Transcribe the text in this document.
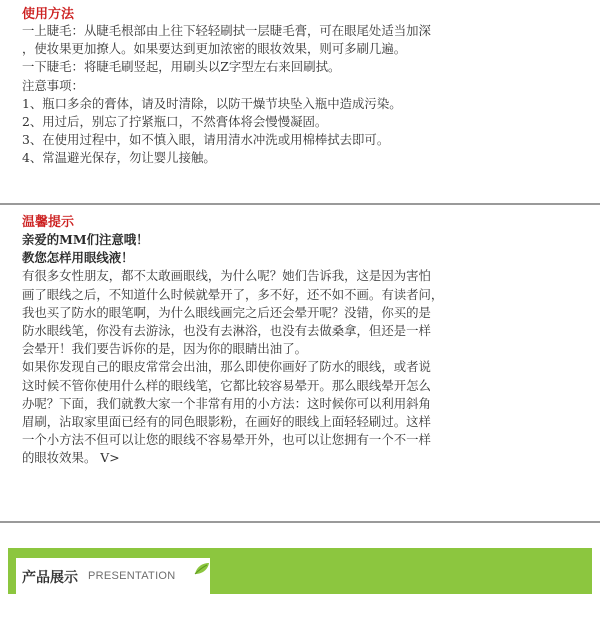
使用方法
一上睫毛：从睫毛根部由上往下轻轻刷拭一层睫毛膏，可在眼尾处适当加深
，使妆果更加撩人。如果要达到更加浓密的眼妆效果，则可多刷几遍。
一下睫毛：将睫毛刷竖起，用刷头以Z字型左右来回刷拭。
注意事项：
1、瓶口多余的膏体，请及时清除，以防干燥节块坠入瓶中造成污染。
2、用过后，别忘了拧紧瓶口，不然膏体将会慢慢凝固。
3、在使用过程中，如不慎入眼，请用清水冲洗或用棉棒拭去即可。
4、常温避光保存，勿让婴儿接触。
温馨提示
亲爱的MM们注意哦！
教您怎样用眼线液！
有很多女性朋友，都不太敢画眼线，为什么呢？她们告诉我，这是因为害怕
画了眼线之后，不知道什么时候就晕开了，多不好，还不如不画。有读者问，
我也买了防水的眼笔啊，为什么眼线画完之后还会晕开呢？没错，你买的是
防水眼线笔，你没有去游泳，也没有去淋浴，也没有去做桑拿，但还是一样
会晕开！我们要告诉你的是，因为你的眼睛出油了。
如果你发现自己的眼皮常常会出油，那么即使你画好了防水的眼线，或者说
这时候不管你使用什么样的眼线笔，它都比较容易晕开。那么眼线晕开怎么
办呢？下面，我们就教大家一个非常有用的小方法：这时候你可以利用斜角
眉刷，沾取家里面已经有的同色眼影粉，在画好的眼线上面轻轻刷过。这样
一个小方法不但可以让您的眼线不容易晕开外，也可以让您拥有一个不一样
的眼妆效果。 V>
产品展示 PRESENTATION
